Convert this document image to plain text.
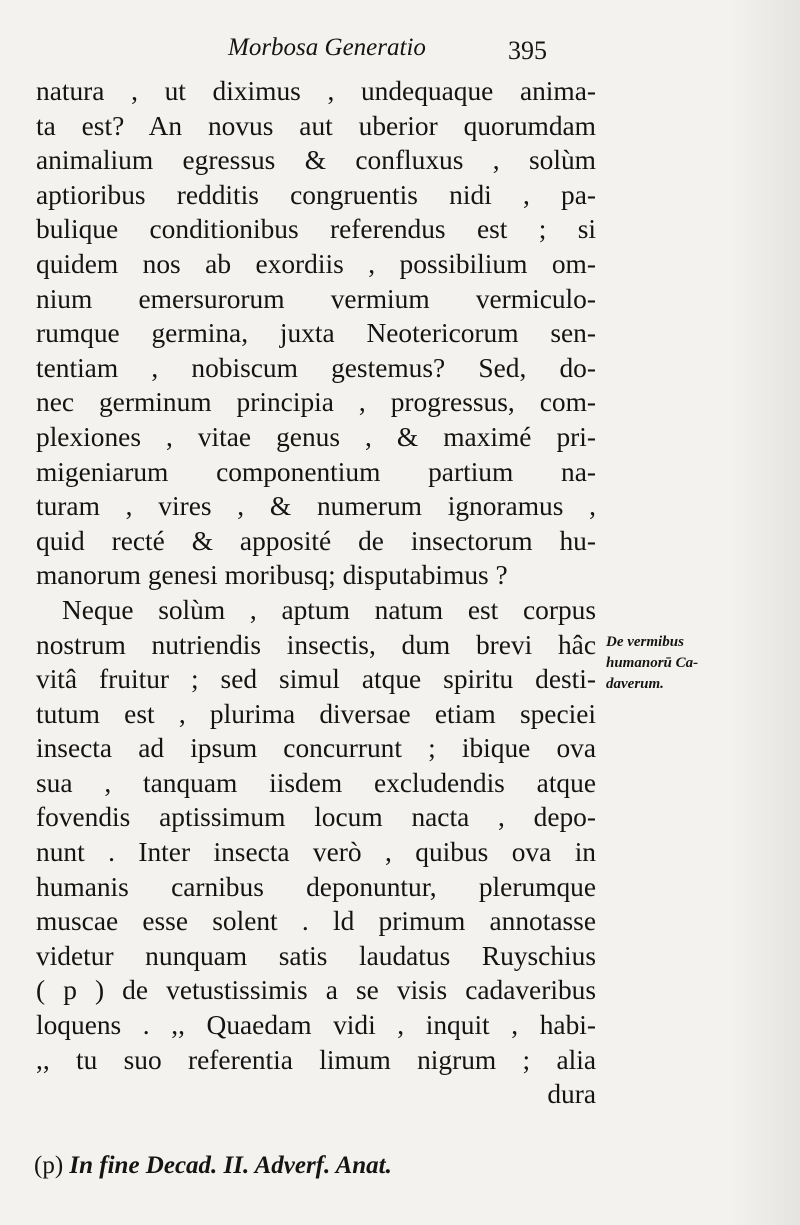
Morbosa Generatio	395
natura , ut diximus , undequaque anima-
ta est? An novus aut uberior quorumdam
animalium egressus & confluxus , solùm
aptioribus redditis congruentis nidi , pa-
bulique conditionibus referendus est ; si
quidem nos ab exordiis , possibilium om-
nium emersurorum vermium vermiculo-
rumque germina, juxta Neotericorum sen-
tentiam , nobiscum gestemus? Sed, do-
nec germinum principia , progressus, com-
plexiones , vitae genus , & maximé pri-
migeniarum componentium partium na-
turam , vires , & numerum ignoramus ,
quid recté & apposité de insectorum hu-
manorum genesi moribusq; disputabimus ?
Neque solùm , aptum natum est corpus
nostrum nutriendis insectis, dum brevi hâc
vitâ fruitur ; sed simul atque spiritu desti-
tutum est , plurima diversae etiam speciei
insecta ad ipsum concurrunt ; ibique ova
sua , tanquam iisdem excludendis atque
fovendis aptissimum locum nacta , depo-
nunt . Inter insecta verò , quibus ova in
humanis carnibus deponuntur, plerumque
muscae esse solent . ld primum annotasse
videtur nunquam satis laudatus Ruyschius
( p ) de vetustissimis a se visis cadaveribus
loquens . ,, Quaedam vidi , inquit , habi-
,, tu suo referentia limum nigrum ; alia
dura
De vermibus
humanorū Ca-
daverum.
(p) In fine Decad. II. Adverf. Anat.
